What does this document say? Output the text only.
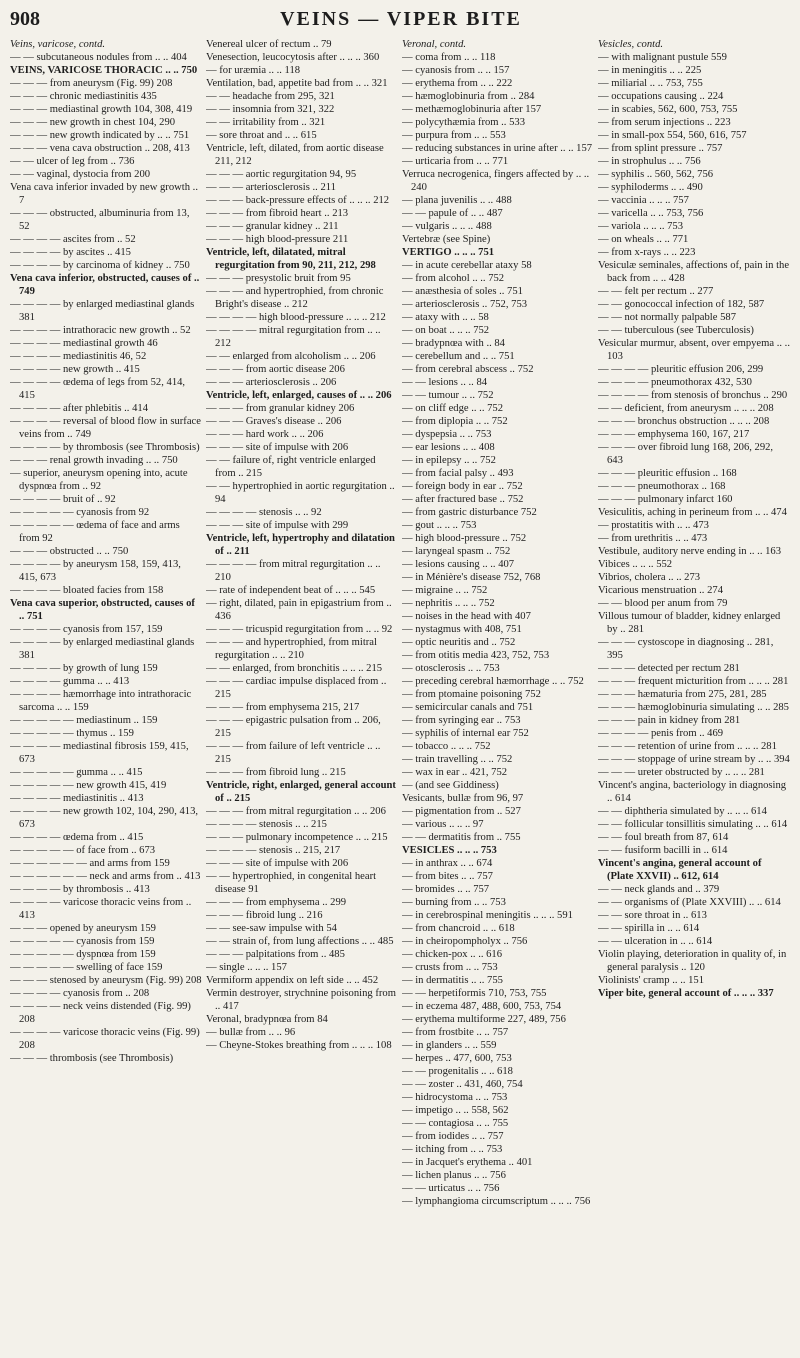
908	VEINS — VIPER BITE

Veins, varicose, contd.

— — subcutaneous nodules from .. .. 404

VEINS, VARICOSE THORACIC .. .. 750

— — — from aneurysm (Fig. 99) 208

— — — chronic mediastinitis 435

— — — mediastinal growth 104, 308, 419

— — — new growth in chest 104, 290

— — — new growth indicated by .. .. 751

— — — vena cava obstruction .. 208, 413

— — ulcer of leg from .. 736

— — vaginal, dystocia from 200

Vena cava inferior invaded by new growth .. 7

— — — obstructed, albuminuria from 13, 52

— — — — ascites from .. 52

— — — — by ascites .. 415

— — — — by carcinoma of kidney .. 750

Vena cava inferior, obstructed, causes of .. 749

— — — — by enlarged mediastinal glands 381

— — — — intrathoracic new growth .. 52

— — — — mediastinal growth 46

— — — — mediastinitis 46, 52

— — — — new growth .. 415

— — — — œdema of legs from 52, 414, 415

— — — — after phlebitis .. 414

— — — — reversal of blood flow in surface veins from .. 749

— — — — by thrombosis (see Thrombosis)

— — — renal growth invading .. .. 750

— superior, aneurysm opening into, acute dyspnœa from .. 92

— — — — bruit of .. 92

— — — — — cyanosis from 92

— — — — — œdema of face and arms from 92

— — — obstructed .. .. 750

— — — — by aneurysm 158, 159, 413, 415, 673

— — — — bloated facies from 158

Vena cava superior, obstructed, causes of .. 751

— — — — cyanosis from 157, 159

— — — — by enlarged mediastinal glands 381

— — — — by growth of lung 159

— — — — gumma .. .. 413

— — — — hæmorrhage into intrathoracic sarcoma .. .. 159

— — — — — mediastinum .. 159

— — — — — thymus .. 159

— — — — mediastinal fibrosis 159, 415, 673

— — — — — gumma .. .. 415

— — — — — new growth 415, 419

— — — — mediastinitis .. 413

— — — — new growth 102, 104, 290, 413, 673

— — — — œdema from .. 415

— — — — — of face from .. 673

— — — — — — and arms from 159

— — — — — — neck and arms from .. 413

— — — — by thrombosis .. 413

— — — — varicose thoracic veins from .. 413

— — — opened by aneurysm 159

— — — — — cyanosis from 159

— — — — — dyspnœa from 159

— — — — — swelling of face 159

— — — stenosed by aneurysm (Fig. 99) 208

— — — — cyanosis from .. 208

— — — — neck veins distended (Fig. 99) 208

— — — — varicose thoracic veins (Fig. 99) 208

— — — thrombosis (see Thrombosis)

Venereal ulcer of rectum .. 79

Venesection, leucocytosis after .. .. .. 360

— for uræmia .. .. 118

Ventilation, bad, appetite bad from .. .. 321

— — headache from 295, 321

— — insomnia from 321, 322

— — irritability from .. 321

— sore throat and .. .. 615

Ventricle, left, dilated, from aortic disease 211, 212

— — — aortic regurgitation 94, 95

— — — arteriosclerosis .. 211

— — — back-pressure effects of .. .. .. 212

— — — from fibroid heart .. 213

— — — granular kidney .. 211

— — — high blood-pressure 211

Ventricle, left, dilatated, mitral regurgitation from 90, 211, 212, 298

— — — presystolic bruit from 95

— — — and hypertrophied, from chronic Bright's disease .. 212

— — — — high blood-pressure .. .. .. 212

— — — — mitral regurgitation from .. .. 212

— — enlarged from alcoholism .. .. 206

— — — from aortic disease 206

— — — arteriosclerosis .. 206

Ventricle, left, enlarged, causes of .. .. 206

— — — from granular kidney 206

— — — Graves's disease .. 206

— — — hard work .. .. 206

— — — site of impulse with 206

— — failure of, right ventricle enlarged from .. 215

— — hypertrophied in aortic regurgitation .. 94

— — — — stenosis .. .. 92

— — — site of impulse with 299

Ventricle, left, hypertrophy and dilatation of .. 211

— — — — from mitral regurgitation .. .. 210

— rate of independent beat of .. .. .. 545

— right, dilated, pain in epigastrium from .. 436

— — — tricuspid regurgitation from .. .. 92

— — — and hypertrophied, from mitral regurgitation .. .. 210

— — enlarged, from bronchitis .. .. .. 215

— — — cardiac impulse displaced from .. 215

— — — from emphysema 215, 217

— — — epigastric pulsation from .. 206, 215

— — — from failure of left ventricle .. .. 215

— — — from fibroid lung .. 215

Ventricle, right, enlarged, general account of .. 215

— — — from mitral regurgitation .. .. 206

— — — — stenosis .. .. 215

— — — pulmonary incompetence .. .. 215

— — — — stenosis .. 215, 217

— — — site of impulse with 206

— — hypertrophied, in congenital heart disease 91

— — — from emphysema .. 299

— — — fibroid lung .. 216

— — see-saw impulse with 54

— — strain of, from lung affections .. .. 485

— — — palpitations from .. 485

— single .. .. .. 157

Vermiform appendix on left side .. .. 452

Vermin destroyer, strychnine poisoning from .. 417

Veronal, bradypnœa from 84

— bullæ from .. .. 96

— Cheyne-Stokes breathing from .. .. .. 108

Veronal, contd.

— coma from .. .. 118

— cyanosis from .. .. 157

— erythema from .. .. 222

— hæmoglobinuria from .. 284

— methæmoglobinuria after 157

— polycythæmia from .. 533

— purpura from .. .. 553

— reducing substances in urine after .. .. 157

— urticaria from .. .. 771

Verruca necrogenica, fingers affected by .. .. 240

— plana juvenilis .. .. 488

— — papule of .. .. 487

— vulgaris .. .. .. 488

Vertebræ (see Spine)

VERTIGO .. .. .. 751

— in acute cerebellar ataxy 58

— from alcohol .. .. 752

— anæsthesia of soles .. 751

— arteriosclerosis .. 752, 753

— ataxy with .. .. 58

— on boat .. .. .. 752

— bradypnœa with .. 84

— cerebellum and .. .. 751

— from cerebral abscess .. 752

— — lesions .. .. 84

— — tumour .. .. 752

— on cliff edge .. .. 752

— from diplopia .. .. 752

— dyspepsia .. .. 753

— ear lesions .. .. 408

— in epilepsy .. .. 752

— from facial palsy .. 493

— foreign body in ear .. 752

— after fractured base .. 752

— from gastric disturbance 752

— gout .. .. .. 753

— high blood-pressure .. 752

— laryngeal spasm .. 752

— lesions causing .. .. 407

— in Ménière's disease 752, 768

— migraine .. .. 752

— nephritis .. .. .. 752

— noises in the head with 407

— nystagmus with 408, 751

— optic neuritis and .. 752

— from otitis media 423, 752, 753

— otosclerosis .. .. 753

— preceding cerebral hæmorrhage .. .. 752

— from ptomaine poisoning 752

— semicircular canals and 751

— from syringing ear .. 753

— syphilis of internal ear 752

— tobacco .. .. .. 752

— train travelling .. .. 752

— wax in ear .. 421, 752

— (and see Giddiness)

Vesicants, bullæ from 96, 97

— pigmentation from .. 527

— various .. .. .. 97

— — dermatitis from .. 755

VESICLES .. .. .. 753

— in anthrax .. .. 674

— from bites .. .. 757

— bromides .. .. 757

— burning from .. .. 753

— in cerebrospinal meningitis .. .. .. 591

— from chancroid .. .. 618

— in cheiropompholyx .. 756

— chicken-pox .. .. 616

— crusts from .. .. 753

— in dermatitis .. .. 755

— — herpetiformis 710, 753, 755

— in eczema 487, 488, 600, 753, 754

— erythema multiforme 227, 489, 756

— from frostbite .. .. 757

— in glanders .. .. 559

— herpes .. 477, 600, 753

— — progenitalis .. .. 618

— — zoster .. 431, 460, 754

— hidrocystoma .. .. 753

— impetigo .. .. 558, 562

— — contagiosa .. .. 755

— from iodides .. .. 757

— itching from .. .. 753

— in Jacquet's erythema .. 401

— lichen planus .. .. 756

— — urticatus .. .. 756

— lymphangioma circumscriptum .. .. .. 756

Vesicles, contd.

— with malignant pustule 559

— in meningitis .. .. 225

— miliarial .. .. 753, 755

— occupations causing .. 224

— in scabies, 562, 600, 753, 755

— from serum injections .. 223

— in small-pox 554, 560, 616, 757

— from splint pressure .. 757

— in strophulus .. .. 756

— syphilis .. 560, 562, 756

— syphiloderms .. .. 490

— vaccinia .. .. .. 757

— varicella .. .. 753, 756

— variola .. .. .. 753

— on wheals .. .. 771

— from x-rays .. .. 223

Vesiculæ seminales, affections of, pain in the back from .. .. 428

— — felt per rectum .. 277

— — gonococcal infection of 182, 587

— — not normally palpable 587

— — tuberculous (see Tuberculosis)

Vesicular murmur, absent, over empyema .. .. 103

— — — — pleuritic effusion 206, 299

— — — — pneumothorax 432, 530

— — — — from stenosis of bronchus .. 290

— — deficient, from aneurysm .. .. .. 208

— — — bronchus obstruction .. .. .. 208

— — — emphysema 160, 167, 217

— — — over fibroid lung 168, 206, 292, 643

— — — pleuritic effusion .. 168

— — — pneumothorax .. 168

— — — pulmonary infarct 160

Vesiculitis, aching in perineum from .. .. 474

— prostatitis with .. .. 473

— from urethritis .. .. 473

Vestibule, auditory nerve ending in .. .. 163

Vibices .. .. .. 552

Vibrios, cholera .. .. 273

Vicarious menstruation .. 274

— — blood per anum from 79

Villous tumour of bladder, kidney enlarged by .. 281

— — — cystoscope in diagnosing .. 281, 395

— — — detected per rectum 281

— — — frequent micturition from .. .. .. 281

— — — hæmaturia from 275, 281, 285

— — — hæmoglobinuria simulating .. .. 285

— — — pain in kidney from 281

— — — — penis from .. 469

— — — retention of urine from .. .. .. 281

— — — stoppage of urine stream by .. .. 394

— — — ureter obstructed by .. .. .. 281

Vincent's angina, bacteriology in diagnosing .. 614

— — diphtheria simulated by .. .. .. 614

— — follicular tonsillitis simulating .. .. 614

— — foul breath from 87, 614

— — fusiform bacilli in .. 614

Vincent's angina, general account of (Plate XXVII) .. 612, 614

— — neck glands and .. 379

— — organisms of (Plate XXVIII) .. .. 614

— — sore throat in .. 613

— — spirilla in .. .. 614

— — ulceration in .. .. 614

Violin playing, deterioration in quality of, in general paralysis .. 120

Violinists' cramp .. .. 151

Viper bite, general account of .. .. .. 337
